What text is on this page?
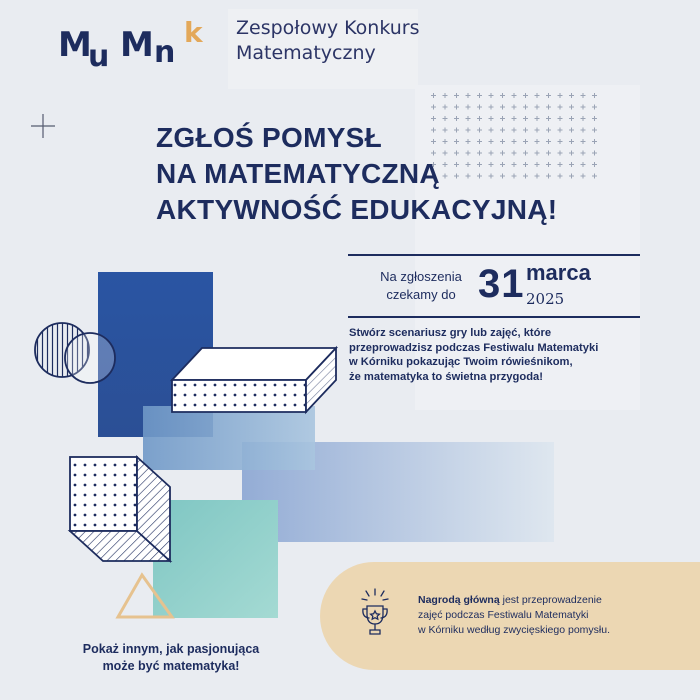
M
u M n
k Zespołowy Konkurs
Matematyczny
ZGŁOŚ POMYSŁ
NA MATEMATYCZNĄ
AKTYWNOŚĆ EDUKACYJNĄ!
Na zgłoszenia
czekamy do 31 marca
2025
Stwórz scenariusz gry lub zajęć, które
przeprowadzisz podczas Festiwalu Matematyki
w Kórniku pokazując Twoim rówieśnikom,
że matematyka to świetna przygoda!
Nagrodą główną jest przeprowadzenie
zajęć podczas Festiwalu Matematyki
w Kórniku według zwycięskiego pomysłu.
Pokaż innym, jak pasjonująca
może być matematyka!
